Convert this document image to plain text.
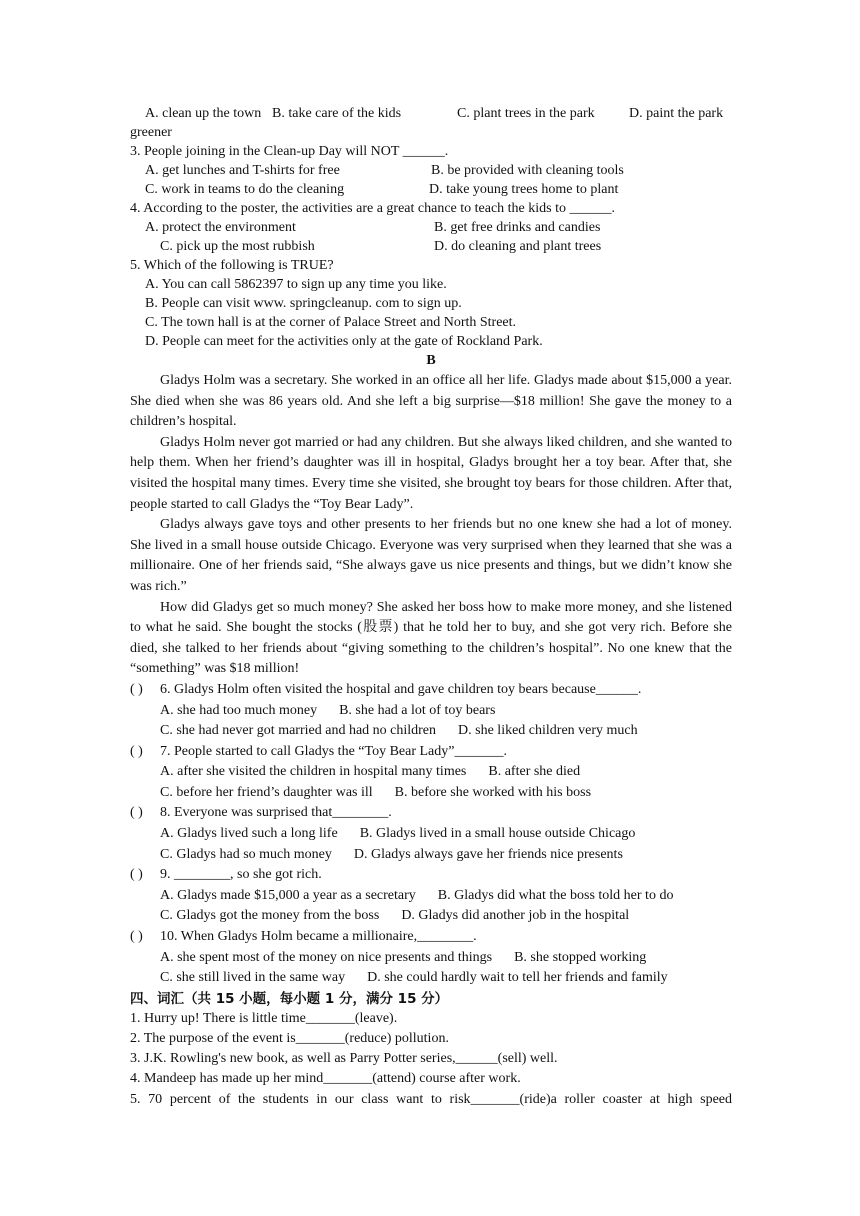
A. clean up the town B. take care of the kids	C. plant trees in the park	D. paint the park
greener
3. People joining in the Clean-up Day will NOT ______.
A. get lunches and T-shirts for free	B. be provided with cleaning tools
C. work in teams to do the cleaning	D. take young trees home to plant
4. According to the poster, the activities are a great chance to teach the kids to ______.
A. protect the environment	B. get free drinks and candies
C. pick up the most rubbish	D. do cleaning and plant trees
5. Which of the following is TRUE?
A. You can call 5862397 to sign up any time you like.
B. People can visit www. springcleanup. com to sign up.
C. The town hall is at the corner of Palace Street and North Street.
D. People can meet for the activities only at the gate of Rockland Park.
B

Gladys Holm was a secretary. She worked in an office all her life. Gladys made about $15,000 a year. She died when she was 86 years old. And she left a big surprise—$18 million! She gave the money to a children’s hospital.

Gladys Holm never got married or had any children. But she always liked children, and she wanted to help them. When her friend’s daughter was ill in hospital, Gladys brought her a toy bear. After that, she visited the hospital many times. Every time she visited, she brought toy bears for those children. After that, people started to call Gladys the “Toy Bear Lady”.

Gladys always gave toys and other presents to her friends but no one knew she had a lot of money. She lived in a small house outside Chicago. Everyone was very surprised when they learned that she was a millionaire. One of her friends said, “She always gave us nice presents and things, but we didn’t know she was rich.”

How did Gladys get so much money? She asked her boss how to make more money, and she listened to what he said. She bought the stocks (股票) that he told her to buy, and she got very rich. Before she died, she talked to her friends about “giving something to the children’s hospital”. No one knew that the “something” was $18 million!

( )	6. Gladys Holm often visited the hospital and gave children toy bears because______.
A. she had too much money B. she had a lot of toy bears
C. she had never got married and had no children D. she liked children very much
( )	7. People started to call Gladys the “Toy Bear Lady”_______.
A. after she visited the children in hospital many times B. after she died
C. before her friend’s daughter was ill B. before she worked with his boss
( )	8. Everyone was surprised that________.
A. Gladys lived such a long life B. Gladys lived in a small house outside Chicago
C. Gladys had so much money D. Gladys always gave her friends nice presents
( )	9. ________, so she got rich.
A. Gladys made $15,000 a year as a secretary B. Gladys did what the boss told her to do
C. Gladys got the money from the boss D. Gladys did another job in the hospital
( )	10. When Gladys Holm became a millionaire,________.
A. she spent most of the money on nice presents and things B. she stopped working
C. she still lived in the same way D. she could hardly wait to tell her friends and family
四、词汇（共 15 小题，每小题 1 分，满分 15 分）
1. Hurry up! There is little time_______(leave).
2. The purpose of the event is_______(reduce) pollution.
3. J.K. Rowling's new book, as well as Parry Potter series,______(sell) well.
4. Mandeep has made up her mind_______(attend) course after work.
5. 70 percent of the students in our class want to risk_______(ride)a roller coaster at high speed
